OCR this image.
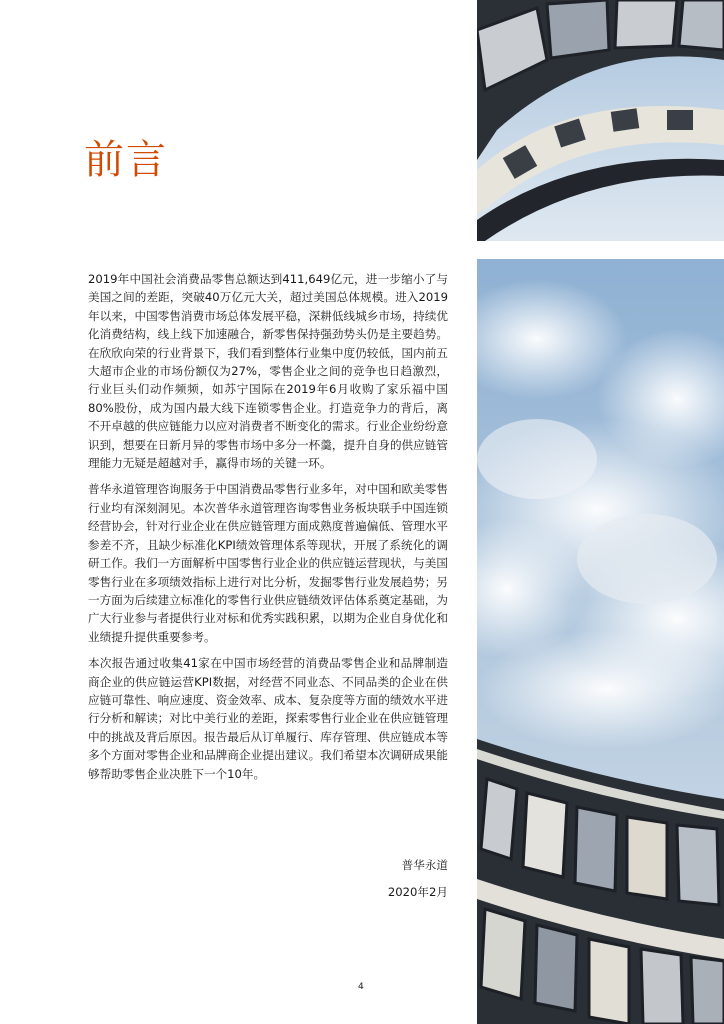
前言

2019年中国社会消费品零售总额达到411,649亿元，进一步缩小了与美国之间的差距，突破40万亿元大关，超过美国总体规模。进入2019年以来，中国零售消费市场总体发展平稳，深耕低线城乡市场，持续优化消费结构，线上线下加速融合，新零售保持强劲势头仍是主要趋势。在欣欣向荣的行业背景下，我们看到整体行业集中度仍较低，国内前五大超市企业的市场份额仅为27%，零售企业之间的竞争也日趋激烈，行业巨头们动作频频，如苏宁国际在2019年6月收购了家乐福中国80%股份，成为国内最大线下连锁零售企业。打造竞争力的背后，离不开卓越的供应链能力以应对消费者不断变化的需求。行业企业纷纷意识到，想要在日新月异的零售市场中多分一杯羹，提升自身的供应链管理能力无疑是超越对手，赢得市场的关键一环。

普华永道管理咨询服务于中国消费品零售行业多年，对中国和欧美零售行业均有深刻洞见。本次普华永道管理咨询零售业务板块联手中国连锁经营协会，针对行业企业在供应链管理方面成熟度普遍偏低、管理水平参差不齐，且缺少标准化KPI绩效管理体系等现状，开展了系统化的调研工作。我们一方面解析中国零售行业企业的供应链运营现状，与美国零售行业在多项绩效指标上进行对比分析，发掘零售行业发展趋势；另一方面为后续建立标准化的零售行业供应链绩效评估体系奠定基础，为广大行业参与者提供行业对标和优秀实践积累，以期为企业自身优化和业绩提升提供重要参考。

本次报告通过收集41家在中国市场经营的消费品零售企业和品牌制造商企业的供应链运营KPI数据，对经营不同业态、不同品类的企业在供应链可靠性、响应速度、资金效率、成本、复杂度等方面的绩效水平进行分析和解读；对比中美行业的差距，探索零售行业企业在供应链管理中的挑战及背后原因。报告最后从订单履行、库存管理、供应链成本等多个方面对零售企业和品牌商企业提出建议。我们希望本次调研成果能够帮助零售企业决胜下一个10年。

普华永道
2020年2月
4
